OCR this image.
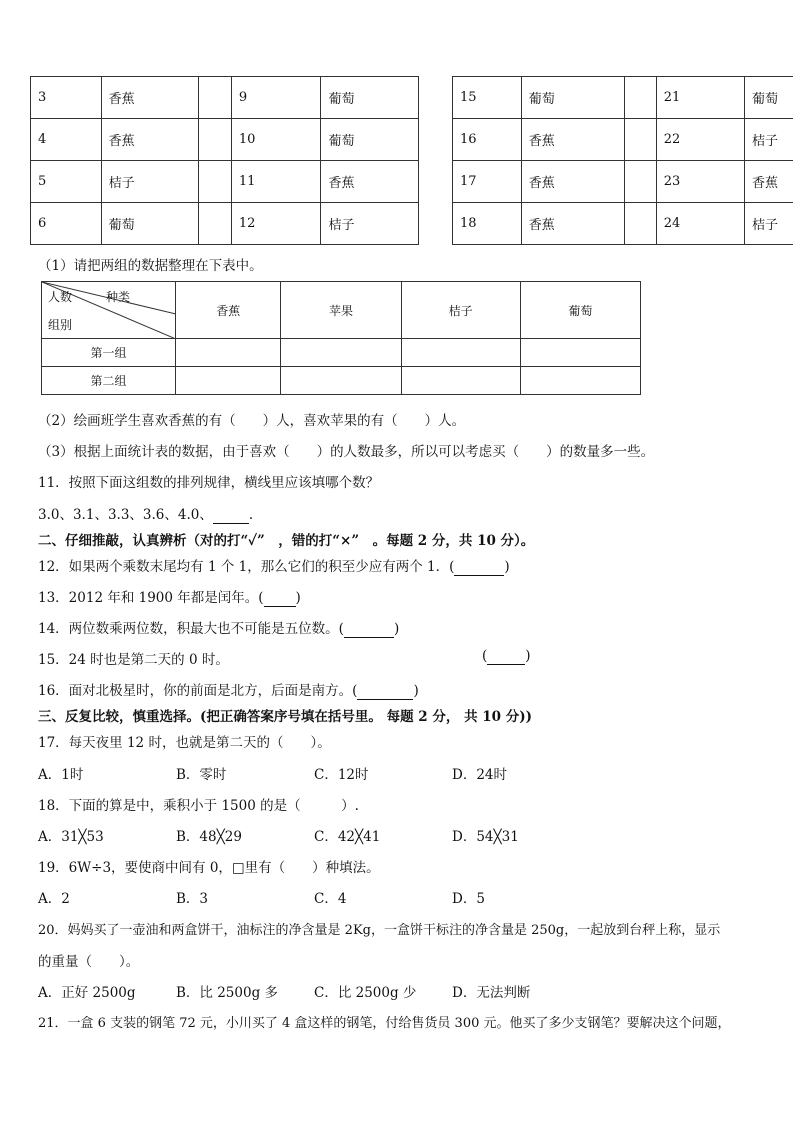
3	香蕉		9	葡萄
4	香蕉		10	葡萄
5	桔子		11	香蕉
6	葡萄		12	桔子
15	葡萄		21	葡萄
16	香蕉		22	桔子
17	香蕉		23	香蕉
18	香蕉		24	桔子
（1）请把两组的数据整理在下表中。
人数 种类
组别	香蕉	苹果	桔子	葡萄
第一组				
第二组				
（2）绘画班学生喜欢香蕉的有（　　）人，喜欢苹果的有（　　）人。
（3）根据上面统计表的数据，由于喜欢（　　）的人数最多，所以可以考虑买（　　）的数量多一些。
11．按照下面这组数的排列规律，横线里应该填哪个数？
3.0、3.1、3.3、3.6、4.0、	.
二、仔细推敲，认真辨析（对的打“✓”　，错的打“×”　。每题 2 分，共 10 分）。
12．如果两个乘数末尾均有 1 个 1，那么它们的积至少应有两个 1．(	)
13．2012 年和 1900 年都是闰年。( )
14．两位数乘两位数，积最大也不可能是五位数。(	)
15．24 时也是第二天的 0 时。	(	)
16．面对北极星时，你的前面是北方，后面是南方。(	)
三、反复比较，慎重选择。(把正确答案序号填在括号里。 每题 2 分， 共 10 分))
17．每天夜里 12 时，也就是第二天的（　　）。
A．1时	B．零时	C．12时	D．24时
18．下面的算是中，乘积小于 1500 的是（　　　）.
A．31╳53	B．48╳29	C．42╳41	D．54╳31
19．6W÷3，要使商中间有 0，□里有（　　）种填法。
A．2	B．3	C．4	D．5
20．妈妈买了一壶油和两盒饼干，油标注的净含量是 2Kg，一盒饼干标注的净含量是 250g，一起放到台秤上称，显示
的重量（　　）。
A．正好 2500g	B．比 2500g 多	C．比 2500g 少	D．无法判断
21．一盒 6 支装的钢笔 72 元，小川买了 4 盒这样的钢笔，付给售货员 300 元。他买了多少支钢笔？要解决这个问题，
